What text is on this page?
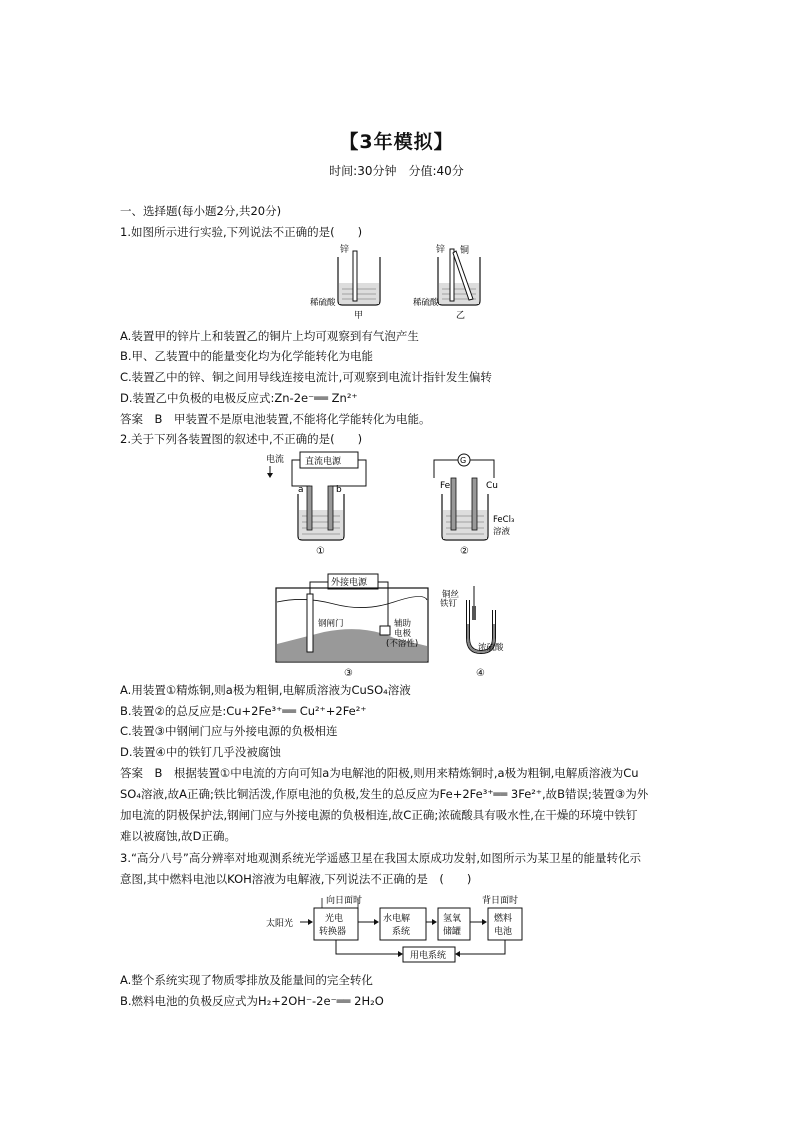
【3年模拟】
时间:30分钟　分值:40分
一、选择题(每小题2分,共20分)
1.如图所示进行实验,下列说法不正确的是(　　)
锌
稀硫酸
甲
锌 铜
稀硫酸
乙
A.装置甲的锌片上和装置乙的铜片上均可观察到有气泡产生
B.甲、乙装置中的能量变化均为化学能转化为电能
C.装置乙中的锌、铜之间用导线连接电流计,可观察到电流计指针发生偏转
D.装置乙中负极的电极反应式:Zn-2e⁻══ Zn²⁺
答案　B　甲装置不是原电池装置,不能将化学能转化为电能。
2.关于下列各装置图的叙述中,不正确的是(　　)
电流 直流电源
a	b
①
G
Fe	Cu
FeCl₃
溶液
②
外接电源
钢闸门	辅助
电极
(不溶性)
③
铜丝
铁钉
浓硫酸
④
A.用装置①精炼铜,则a极为粗铜,电解质溶液为CuSO₄溶液
B.装置②的总反应是:Cu+2Fe³⁺══ Cu²⁺+2Fe²⁺
C.装置③中钢闸门应与外接电源的负极相连
D.装置④中的铁钉几乎没被腐蚀
答案　B　根据装置①中电流的方向可知a为电解池的阳极,则用来精炼铜时,a极为粗铜,电解质溶液为Cu
SO₄溶液,故A正确;铁比铜活泼,作原电池的负极,发生的总反应为Fe+2Fe³⁺══ 3Fe²⁺,故B错误;装置③为外
加电流的阴极保护法,钢闸门应与外接电源的负极相连,故C正确;浓硫酸具有吸水性,在干燥的环境中铁钉
难以被腐蚀,故D正确。
3.“高分八号”高分辨率对地观测系统光学遥感卫星在我国太原成功发射,如图所示为某卫星的能量转化示
意图,其中燃料电池以KOH溶液为电解液,下列说法不正确的是　(　　)
向日面时	背日面时
太阳光	光电
转换器
水电解
系统
氢氧
储罐
燃料
电池
用电系统
A.整个系统实现了物质零排放及能量间的完全转化
B.燃料电池的负极反应式为H₂+2OH⁻-2e⁻══ 2H₂O
